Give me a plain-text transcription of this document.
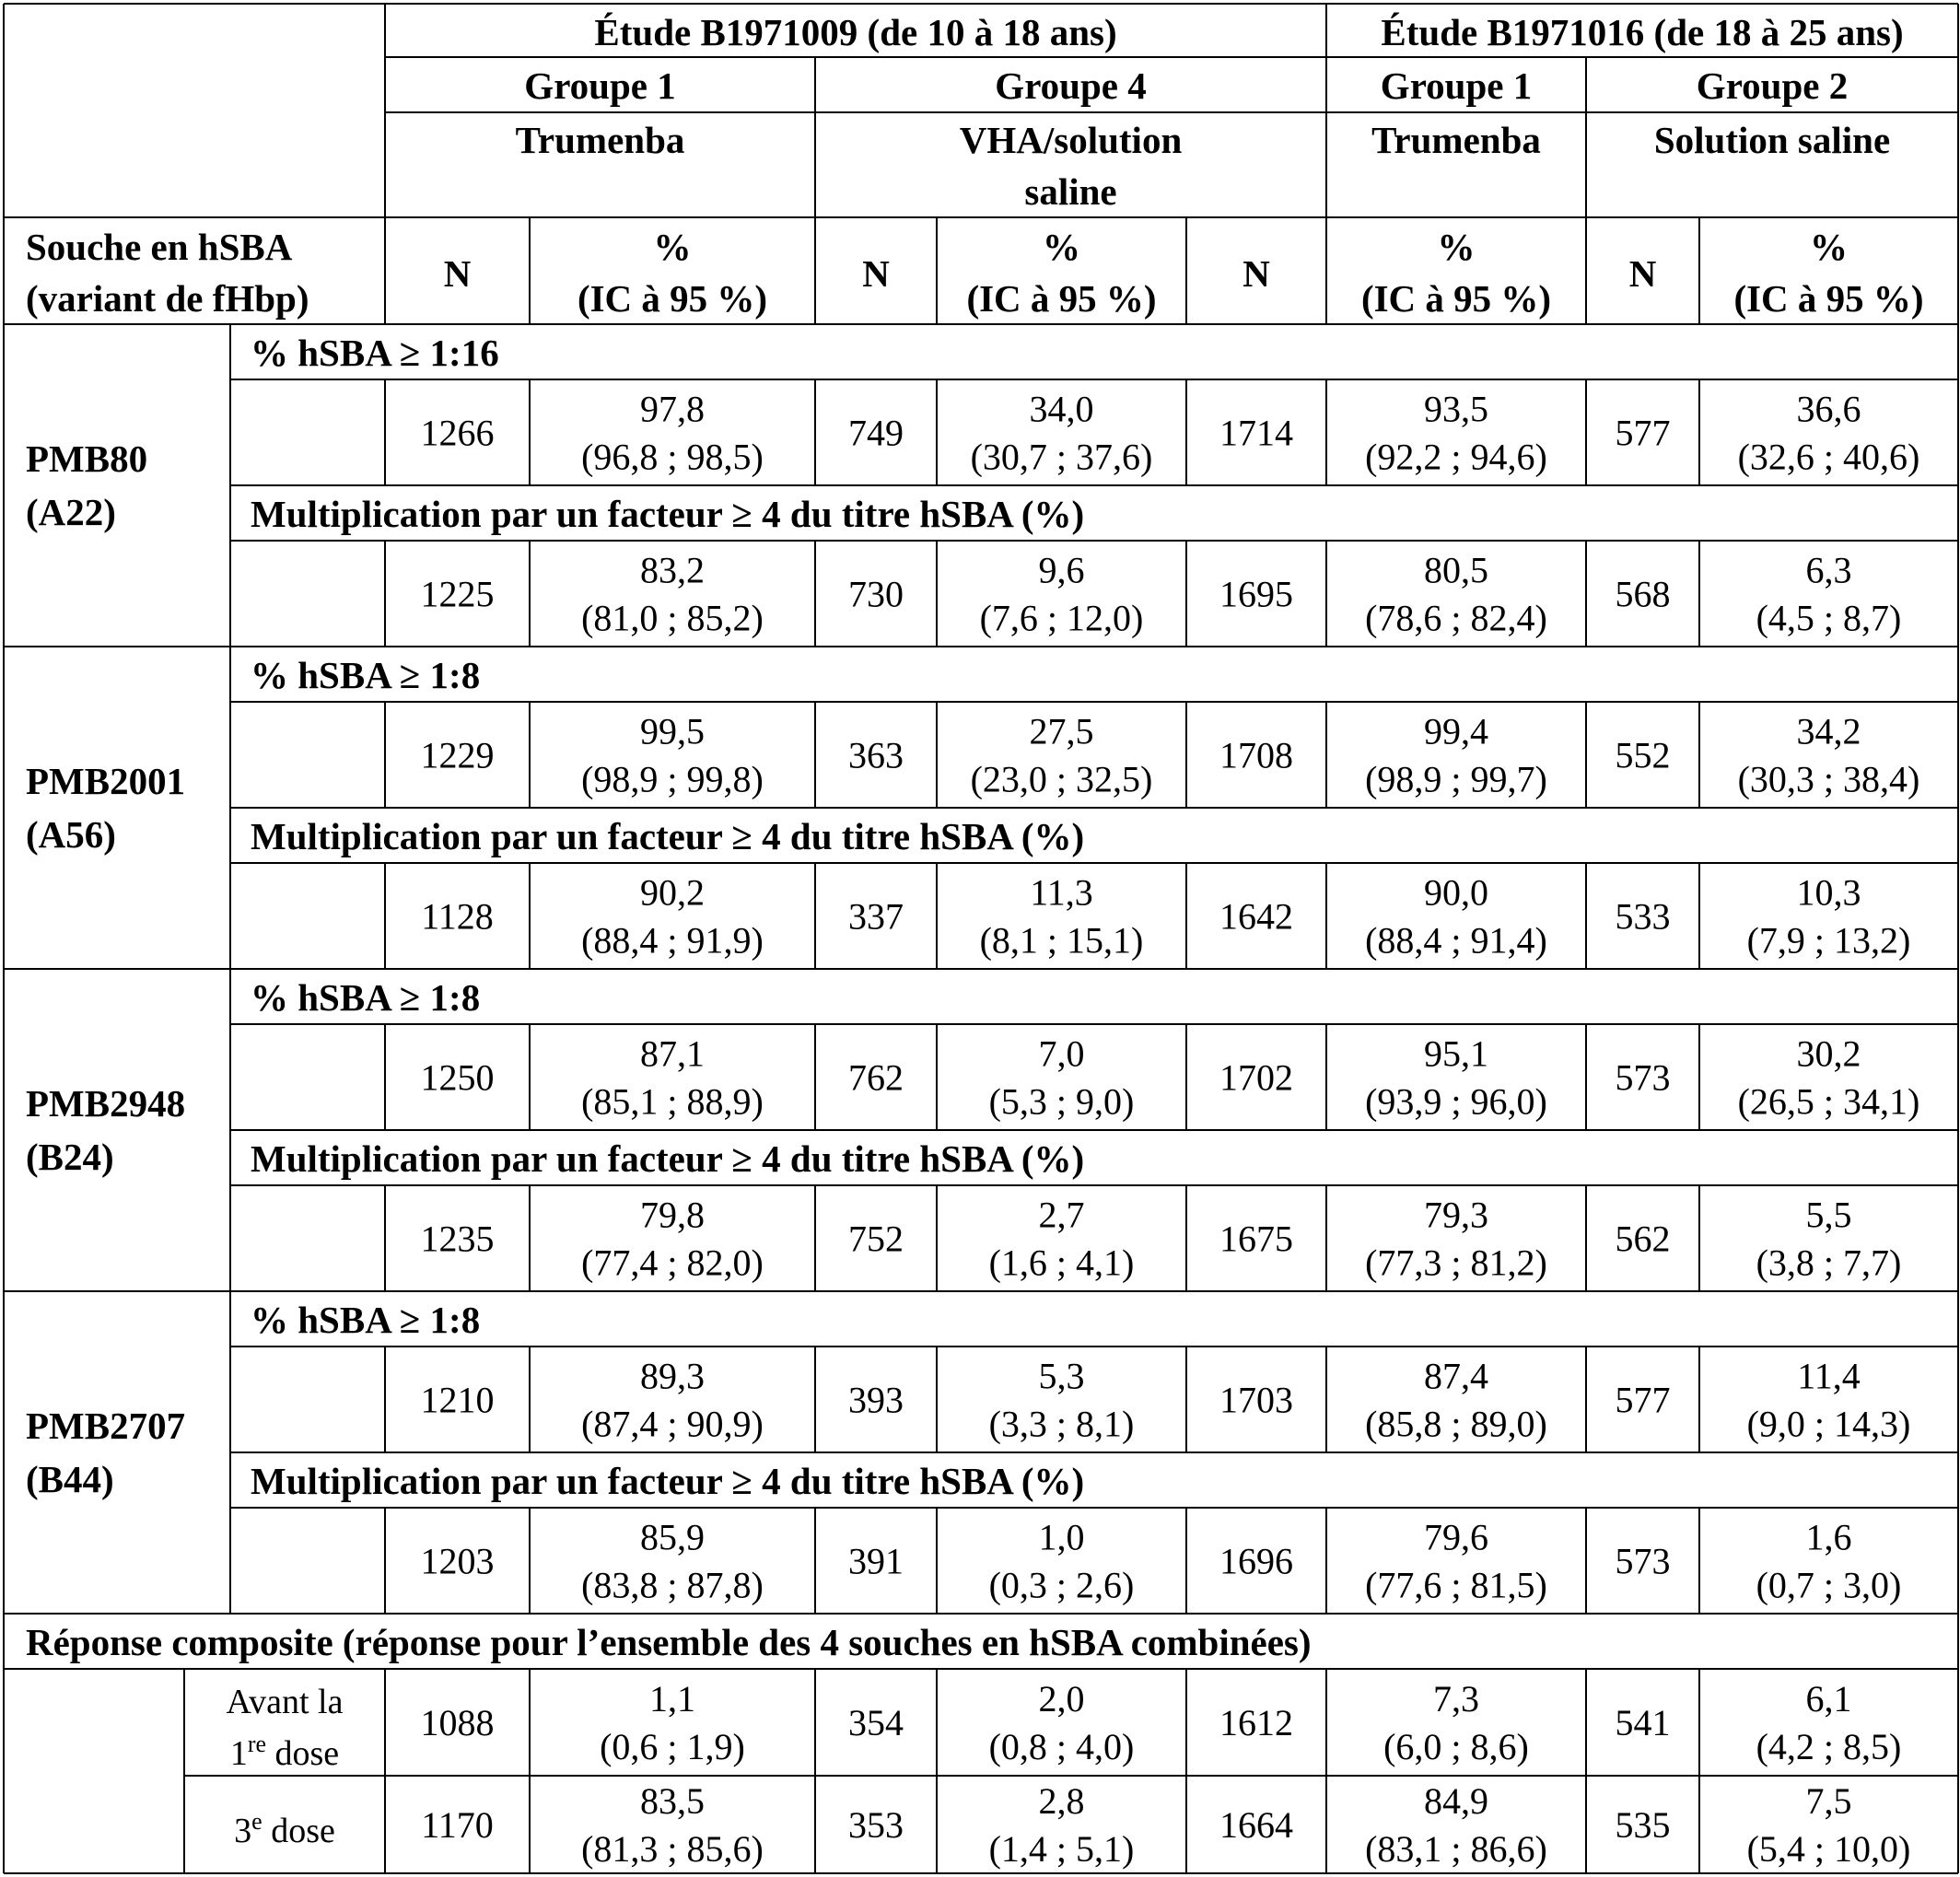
Étude B1971009 (de 10 à 18 ans)	Étude B1971016 (de 18 à 25 ans)
Groupe 1
Trumenba
Groupe 4
VHA/solution
saline
Groupe 1
Trumenba
Groupe 2
Solution saline
Souche en hSBA
(variant de fHbp)
N
%
(IC à 95 %)
N
%
(IC à 95 %)
N
%
(IC à 95 %)
N
%
(IC à 95 %)
PMB80
(A22)
% hSBA ≥ 1:16
Multiplication par un facteur ≥ 4 du titre hSBA (%)
1266
97,8
(96,8 ; 98,5)
749
34,0
(30,7 ; 37,6)
1714
93,5
(92,2 ; 94,6)
577
36,6
(32,6 ; 40,6)
1225
83,2
(81,0 ; 85,2)
730
9,6
(7,6 ; 12,0)
1695
80,5
(78,6 ; 82,4)
568
6,3
(4,5 ; 8,7)
PMB2001
(A56)
% hSBA ≥ 1:8
Multiplication par un facteur ≥ 4 du titre hSBA (%)
1229
99,5
(98,9 ; 99,8)
363
27,5
(23,0 ; 32,5)
1708
99,4
(98,9 ; 99,7)
552
34,2
(30,3 ; 38,4)
1128
90,2
(88,4 ; 91,9)
337
11,3
(8,1 ; 15,1)
1642
90,0
(88,4 ; 91,4)
533
10,3
(7,9 ; 13,2)
PMB2948
(B24)
% hSBA ≥ 1:8
Multiplication par un facteur ≥ 4 du titre hSBA (%)
1250
87,1
(85,1 ; 88,9)
762
7,0
(5,3 ; 9,0)
1702
95,1
(93,9 ; 96,0)
573
30,2
(26,5 ; 34,1)
1235
79,8
(77,4 ; 82,0)
752
2,7
(1,6 ; 4,1)
1675
79,3
(77,3 ; 81,2)
562
5,5
(3,8 ; 7,7)
PMB2707
(B44)
% hSBA ≥ 1:8
Multiplication par un facteur ≥ 4 du titre hSBA (%)
1210
89,3
(87,4 ; 90,9)
393
5,3
(3,3 ; 8,1)
1703
87,4
(85,8 ; 89,0)
577
11,4
(9,0 ; 14,3)
1203
85,9
(83,8 ; 87,8)
391
1,0
(0,3 ; 2,6)
1696
79,6
(77,6 ; 81,5)
573
1,6
(0,7 ; 3,0)
Réponse composite (réponse pour l’ensemble des 4 souches en hSBA combinées)
Avant la
1re dose
3e dose
1088
1,1
(0,6 ; 1,9)
354
2,0
(0,8 ; 4,0)
1612
7,3
(6,0 ; 8,6)
541
6,1
(4,2 ; 8,5)
1170
83,5
(81,3 ; 85,6)
353
2,8
(1,4 ; 5,1)
1664
84,9
(83,1 ; 86,6)
535
7,5
(5,4 ; 10,0)
